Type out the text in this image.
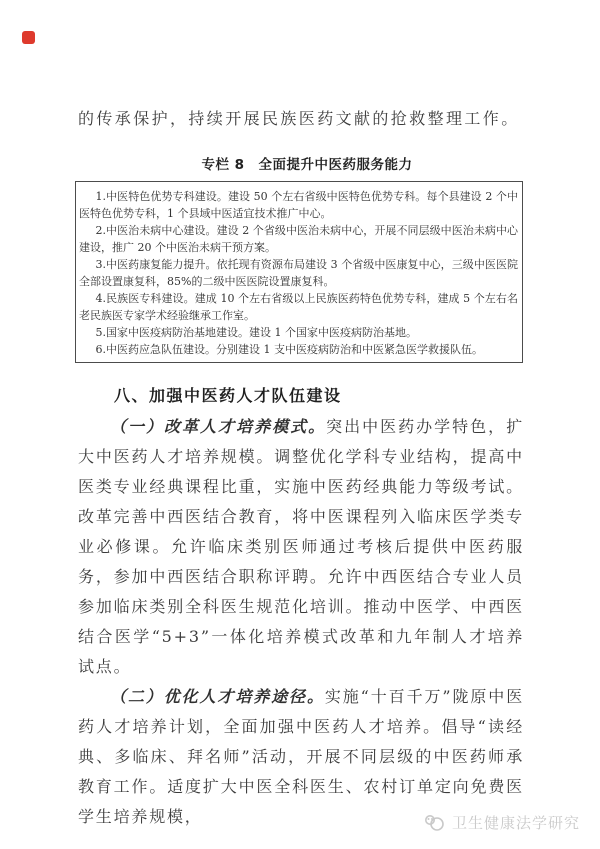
的传承保护，持续开展民族医药文献的抢救整理工作。
专栏 8　全面提升中医药服务能力

1.中医特色优势专科建设。建设 50 个左右省级中医特色优势专科。每个县建设 2 个中医特色优势专科，1 个县域中医适宜技术推广中心。

2.中医治未病中心建设。建设 2 个省级中医治未病中心，开展不同层级中医治未病中心建设，推广 20 个中医治未病干预方案。

3.中医药康复能力提升。依托现有资源布局建设 3 个省级中医康复中心，三级中医医院全部设置康复科，85%的二级中医医院设置康复科。

4.民族医专科建设。建成 10 个左右省级以上民族医药特色优势专科，建成 5 个左右名老民族医专家学术经验继承工作室。

5.国家中医疫病防治基地建设。建设 1 个国家中医疫病防治基地。

6.中医药应急队伍建设。分别建设 1 支中医疫病防治和中医紧急医学救援队伍。

八、加强中医药人才队伍建设

（一）改革人才培养模式。突出中医药办学特色，扩大中医药人才培养规模。调整优化学科专业结构，提高中医类专业经典课程比重，实施中医药经典能力等级考试。改革完善中西医结合教育，将中医课程列入临床医学类专业必修课。允许临床类别医师通过考核后提供中医药服务，参加中西医结合职称评聘。允许中西医结合专业人员参加临床类别全科医生规范化培训。推动中医学、中西医结合医学“5+3”一体化培养模式改革和九年制人才培养试点。

（二）优化人才培养途径。实施“十百千万”陇原中医药人才培养计划，全面加强中医药人才培养。倡导“读经典、多临床、拜名师”活动，开展不同层级的中医药师承教育工作。适度扩大中医全科医生、农村订单定向免费医学生培养规模，	卫生健康法学研究
